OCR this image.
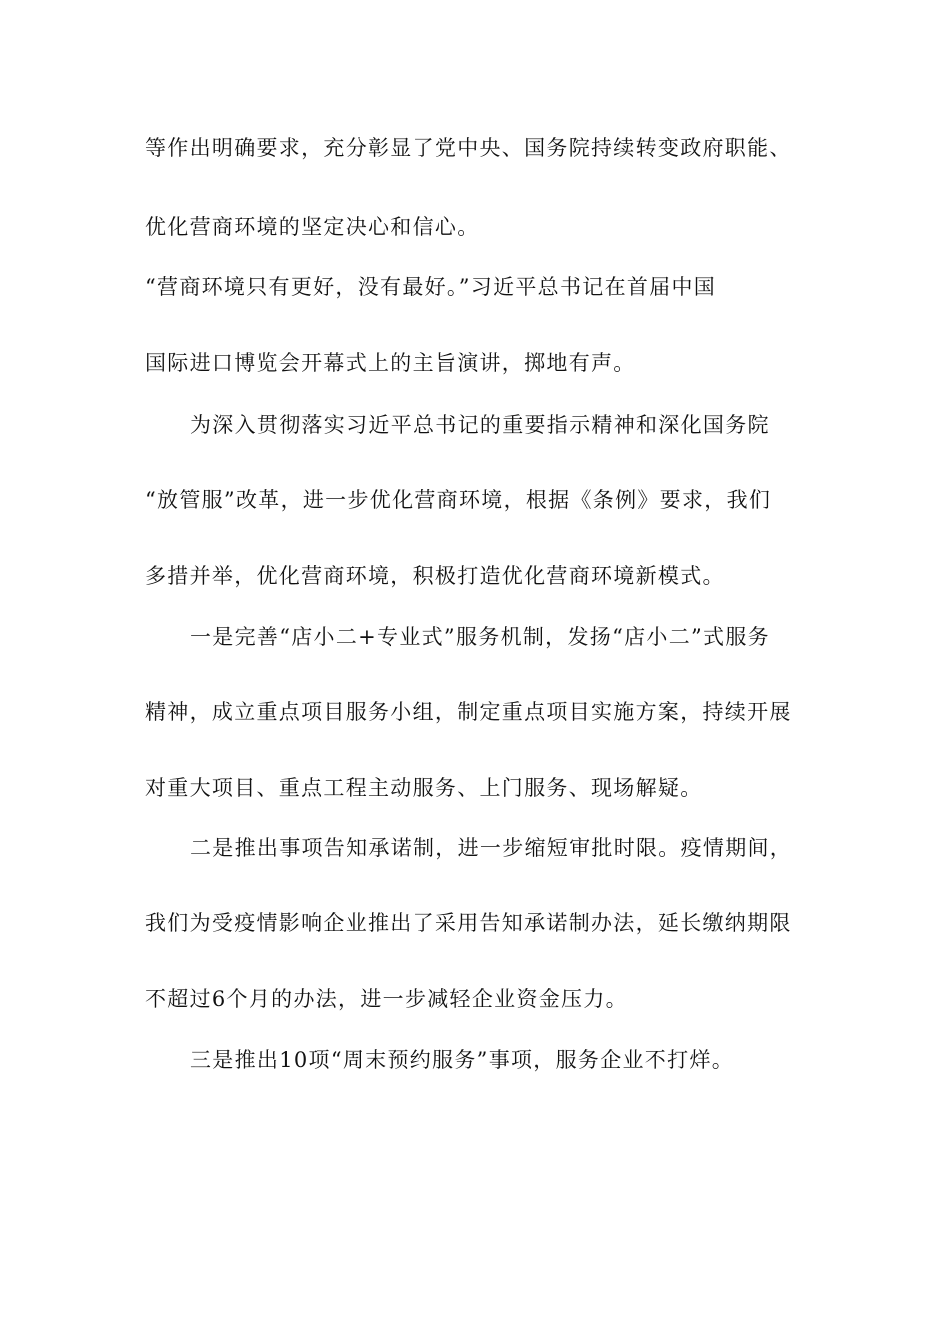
等作出明确要求，充分彰显了党中央、国务院持续转变政府职能、
优化营商环境的坚定决心和信心。
“营商环境只有更好，没有最好。”习近平总书记在首届中国
国际进口博览会开幕式上的主旨演讲，掷地有声。
为深入贯彻落实习近平总书记的重要指示精神和深化国务院
“放管服”改革，进一步优化营商环境，根据《条例》要求，我们
多措并举，优化营商环境，积极打造优化营商环境新模式。
一是完善“店小二+专业式”服务机制，发扬“店小二”式服务
精神，成立重点项目服务小组，制定重点项目实施方案，持续开展
对重大项目、重点工程主动服务、上门服务、现场解疑。
二是推出事项告知承诺制，进一步缩短审批时限。疫情期间，
我们为受疫情影响企业推出了采用告知承诺制办法，延长缴纳期限
不超过6个月的办法，进一步减轻企业资金压力。
三是推出10项“周末预约服务”事项，服务企业不打烊。
